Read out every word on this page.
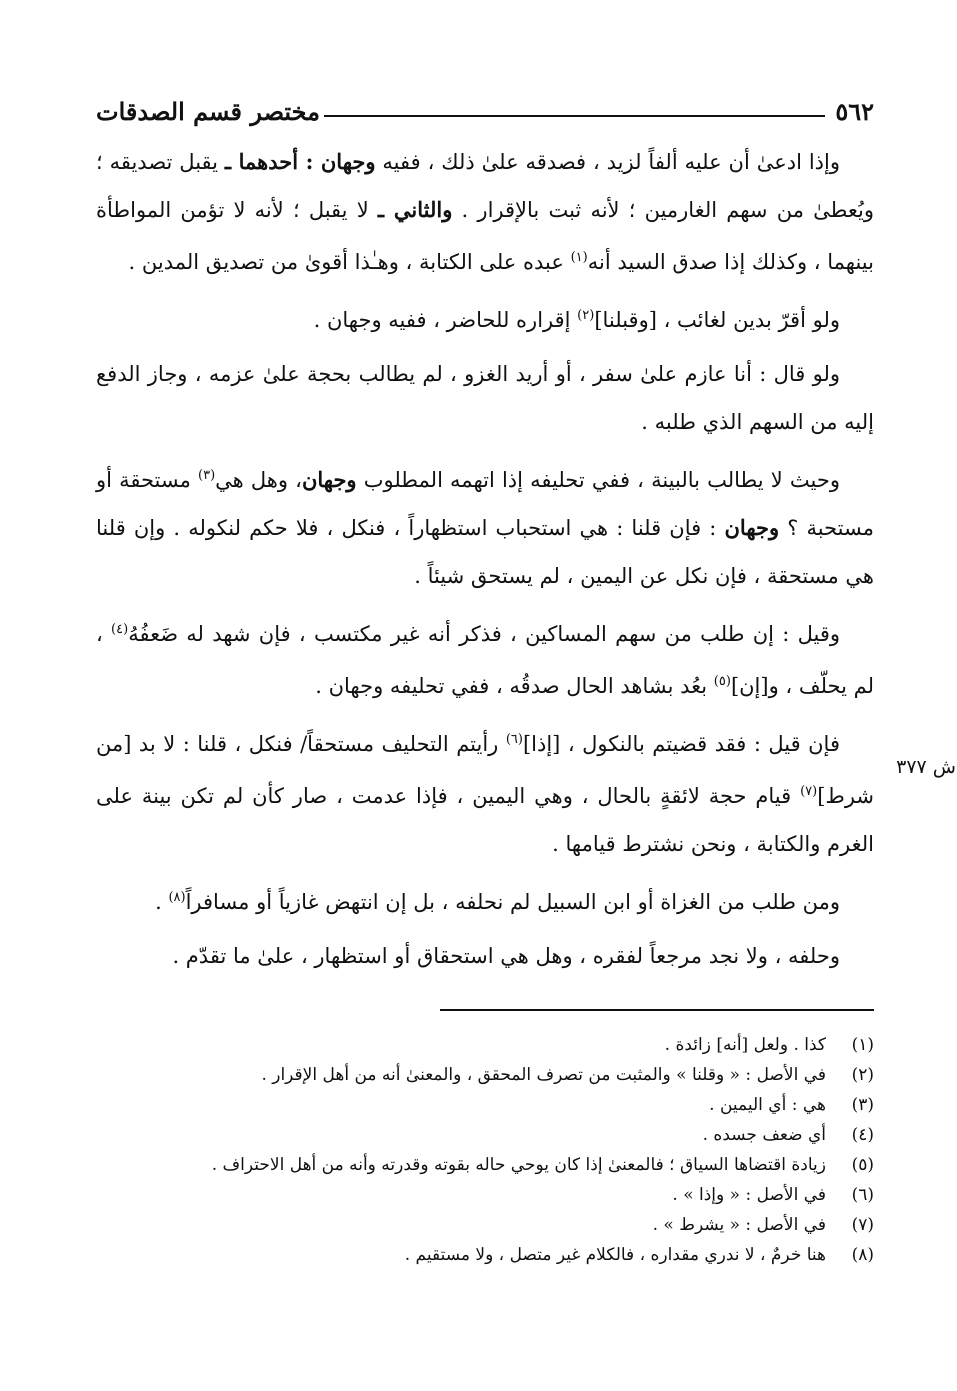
٥٦٢
مختصر قسم الصدقات
ش ٣٧٧

وإذا ادعىٰ أن عليه ألفاً لزيد ، فصدقه علىٰ ذلك ، ففيه وجهان : أحدهما ـ يقبل تصديقه ؛ ويُعطىٰ من سهم الغارمين ؛ لأنه ثبت بالإقرار . والثاني ـ لا يقبل ؛ لأنه لا تؤمن المواطأة بينهما ، وكذلك إذا صدق السيد أنه$^{(١)}$ عبده على الكتابة ، وهـٰذا أقوىٰ من تصديق المدين .

ولو أقرّ بدين لغائب ، [وقبلنا]$^{(٢)}$ إقراره للحاضر ، ففيه وجهان .

ولو قال : أنا عازم علىٰ سفر ، أو أريد الغزو ، لم يطالب بحجة علىٰ عزمه ، وجاز الدفع إليه من السهم الذي طلبه .

وحيث لا يطالب بالبينة ، ففي تحليفه إذا اتهمه المطلوب وجهان، وهل هي$^{(٣)}$ مستحقة أو مستحبة ؟ وجهان : فإن قلنا : هي استحباب استظهاراً ، فنكل ، فلا حكم لنكوله . وإن قلنا هي مستحقة ، فإن نكل عن اليمين ، لم يستحق شيئاً .

وقيل : إن طلب من سهم المساكين ، فذكر أنه غير مكتسب ، فإن شهد له ضَعفُهُ$^{(٤)}$ ، لم يحلّف ، و[إن]$^{(٥)}$ بعُد بشاهد الحال صدقُه ، ففي تحليفه وجهان .

فإن قيل : فقد قضيتم بالنكول ، [إذا]$^{(٦)}$ رأيتم التحليف مستحقاً/ فنكل ، قلنا : لا بد [من شرط]$^{(٧)}$ قيام حجة لائقةٍ بالحال ، وهي اليمين ، فإذا عدمت ، صار كأن لم تكن بينة على الغرم والكتابة ، ونحن نشترط قيامها .

ومن طلب من الغزاة أو ابن السبيل لم نحلفه ، بل إن انتهض غازياً أو مسافراً$^{(٨)}$ .

وحلفه ، ولا نجد مرجعاً لفقره ، وهل هي استحقاق أو استظهار ، علىٰ ما تقدّم .

(١)
كذا . ولعل [أنه] زائدة .
(٢)
في الأصل : « وقلنا » والمثبت من تصرف المحقق ، والمعنىٰ أنه من أهل الإقرار .
(٣)
هي : أي اليمين .
(٤)
أي ضعف جسده .
(٥)
زيادة اقتضاها السياق ؛ فالمعنىٰ إذا كان يوحي حاله بقوته وقدرته وأنه من أهل الاحتراف .
(٦)
في الأصل : « وإذا » .
(٧)
في الأصل : « يشرط » .
(٨)
هنا خرمٌ ، لا ندري مقداره ، فالكلام غير متصل ، ولا مستقيم .
